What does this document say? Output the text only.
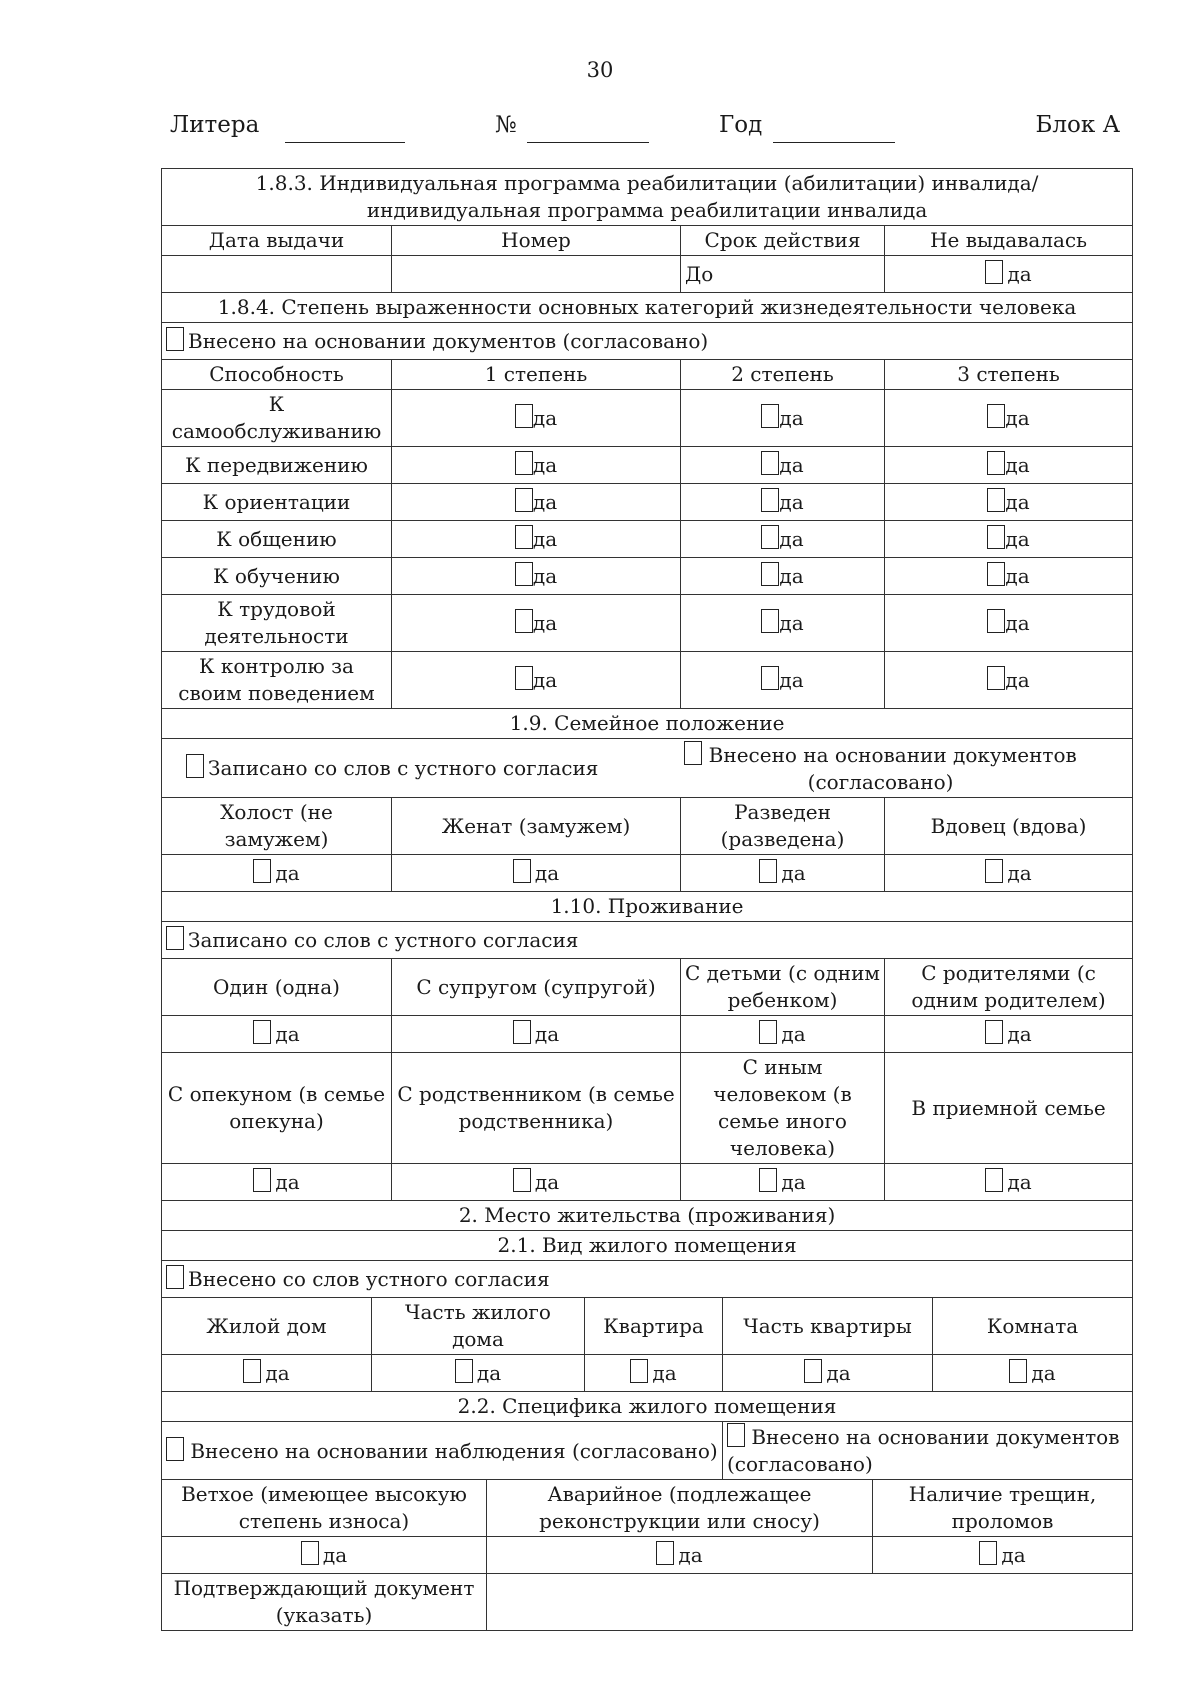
30
Литера	№	Год	Блок А
1.8.3. Индивидуальная программа реабилитации (абилитации) инвалида/ индивидуальная программа реабилитации инвалида									
Дата выдачи		Номер			Срок действия			Не выдавалась	
					До			да	
1.8.4. Степень выраженности основных категорий жизнедеятельности человека									
Внесено на основании документов (согласовано)									
Способность		1 степень			2 степень			3 степень	
К самообслуживанию		да			да			да	
К передвижению		да			да			да	
К ориентации		да			да			да	
К общению		да			да			да	
К обучению		да			да			да	
К трудовой деятельности		да			да			да	
К контролю за своим поведением		да			да			да	
1.9. Семейное положение									

Записано со слов с устного согласия
Внесено на основании документов (согласовано)									

Холост (не замужем)		Женат (замужем)			Разведен (разведена)			Вдовец (вдова)	
да		да			да			да	
1.10. Проживание									
Записано со слов с устного согласия									
Один (одна)		С супругом (супругой)			С детьми (с одним ребенком)			С родителями (с одним родителем)	
да		да			да			да	
С опекуном (в семье опекуна)		С родственником (в семье родственника)			С иным человеком (в семье иного человека)			В приемной семье	
да		да			да			да	
2. Место жительства (проживания)									
2.1. Вид жилого помещения									
Внесено со слов устного согласия									
Жилой дом	Часть жилого дома			Квартира		Часть квартиры			Комната
да	да			да		да			да
2.2. Специфика жилого помещения									
Внесено на основании наблюдения (согласовано)						Внесено на основании документов (согласовано)			
Ветхое (имеющее высокую степень износа)			Аварийное (подлежащее реконструкции или сносу)				Наличие трещин, проломов		
да			да				да		
Подтверждающий документ (указать)									
